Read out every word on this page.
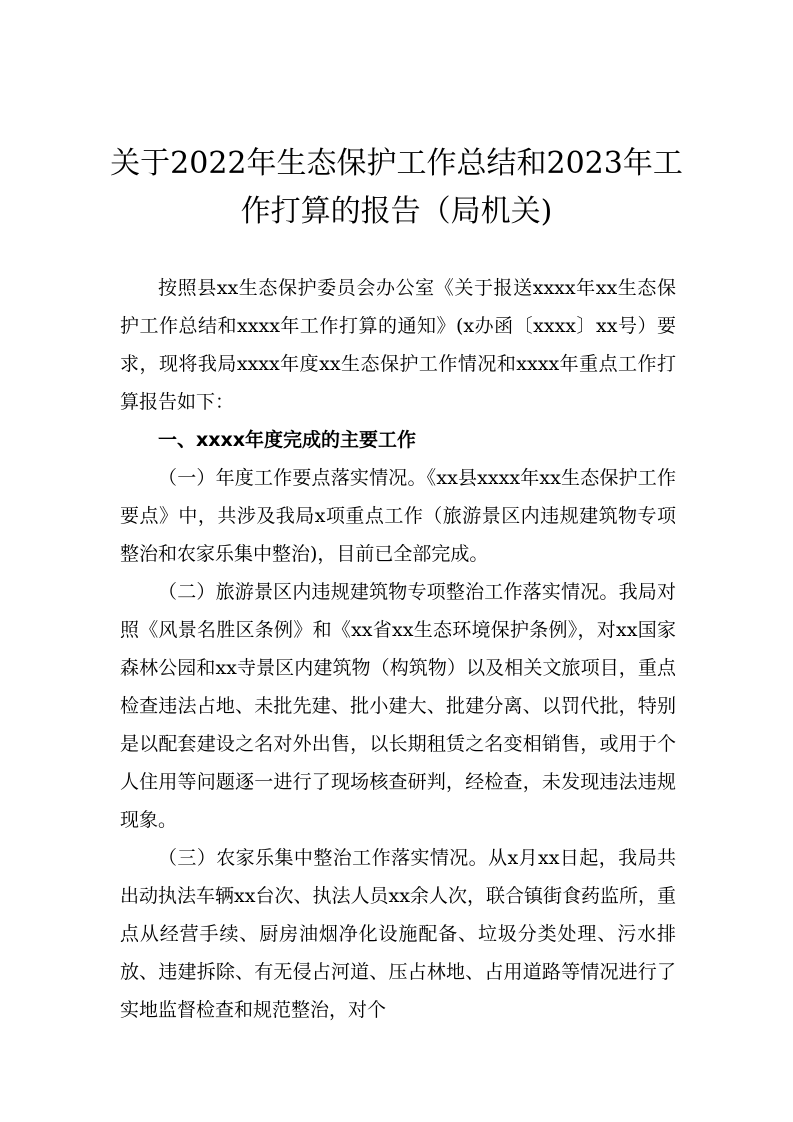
关于2022年生态保护工作总结和2023年工
作打算的报告（局机关)

按照县xx生态保护委员会办公室《关于报送xxxx年xx生态保护工作总结和xxxx年工作打算的通知》(x办函〔xxxx〕xx号）要求，现将我局xxxx年度xx生态保护工作情况和xxxx年重点工作打算报告如下：

一、xxxx年度完成的主要工作

（一）年度工作要点落实情况。《xx县xxxx年xx生态保护工作要点》中，共涉及我局x项重点工作（旅游景区内违规建筑物专项整治和农家乐集中整治)，目前已全部完成。

（二）旅游景区内违规建筑物专项整治工作落实情况。我局对照《风景名胜区条例》和《xx省xx生态环境保护条例》，对xx国家森林公园和xx寺景区内建筑物（构筑物）以及相关文旅项目，重点检查违法占地、未批先建、批小建大、批建分离、以罚代批，特别是以配套建设之名对外出售，以长期租赁之名变相销售，或用于个人住用等问题逐一进行了现场核查研判，经检查，未发现违法违规现象。

（三）农家乐集中整治工作落实情况。从x月xx日起，我局共出动执法车辆xx台次、执法人员xx余人次，联合镇街食药监所，重点从经营手续、厨房油烟净化设施配备、垃圾分类处理、污水排放、违建拆除、有无侵占河道、压占林地、占用道路等情况进行了实地监督检查和规范整治，对个
